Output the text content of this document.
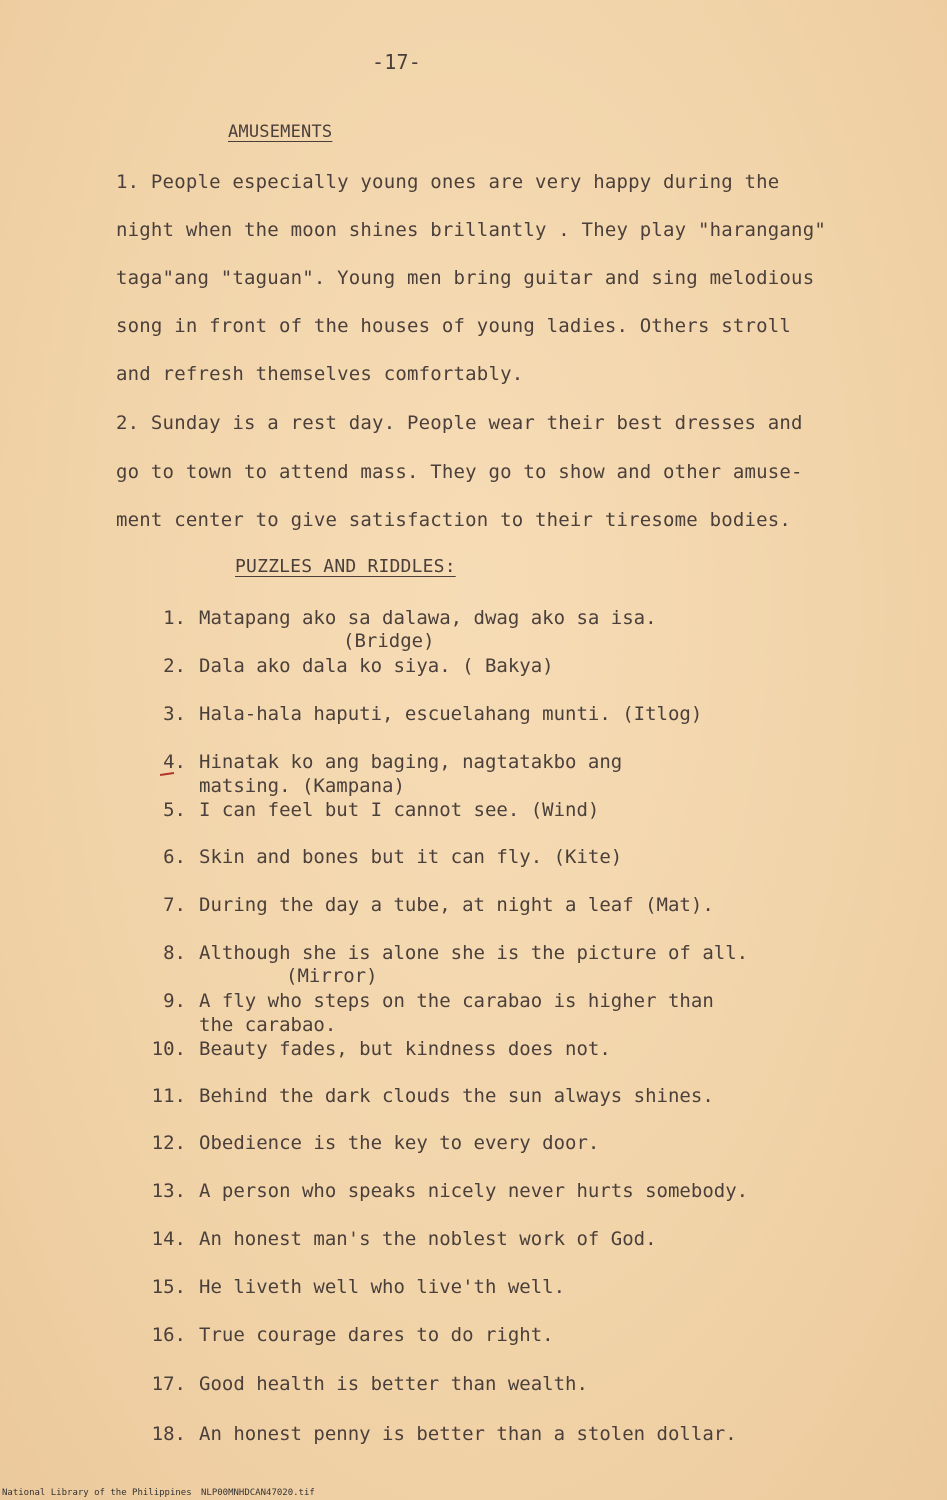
-17-
AMUSEMENTS
1. People especially young ones are very happy during the
night when the moon shines brillantly . They play "harangang"
taga"ang "taguan". Young men bring guitar and sing melodious
song in front of the houses of young ladies. Others stroll
and refresh themselves comfortably.
2. Sunday is a rest day. People wear their best dresses and
go to town to attend mass. They go to show and other amuse-
ment center to give satisfaction to their tiresome bodies.
PUZZLES AND RIDDLES:
1. Matapang ako sa dalawa, dwag ako sa isa.
(Bridge)
2. Dala ako dala ko siya. ( Bakya)
3. Hala-hala haputi, escuelahang munti. (Itlog)
4. Hinatak ko ang baging, nagtatakbo ang
matsing. (Kampana)
5. I can feel but I cannot see. (Wind)
6. Skin and bones but it can fly. (Kite)
7. During the day a tube, at night a leaf (Mat).
8. Although she is alone she is the picture of all.
(Mirror)
9. A fly who steps on the carabao is higher than
the carabao.
10. Beauty fades, but kindness does not.
11. Behind the dark clouds the sun always shines.
12. Obedience is the key to every door.
13. A person who speaks nicely never hurts somebody.
14. An honest man's the noblest work of God.
15. He liveth well who live'th well.
16. True courage dares to do right.
17. Good health is better than wealth.
18. An honest penny is better than a stolen dollar.
National Library of the Philippines NLP00MNHDCAN47020.tif
